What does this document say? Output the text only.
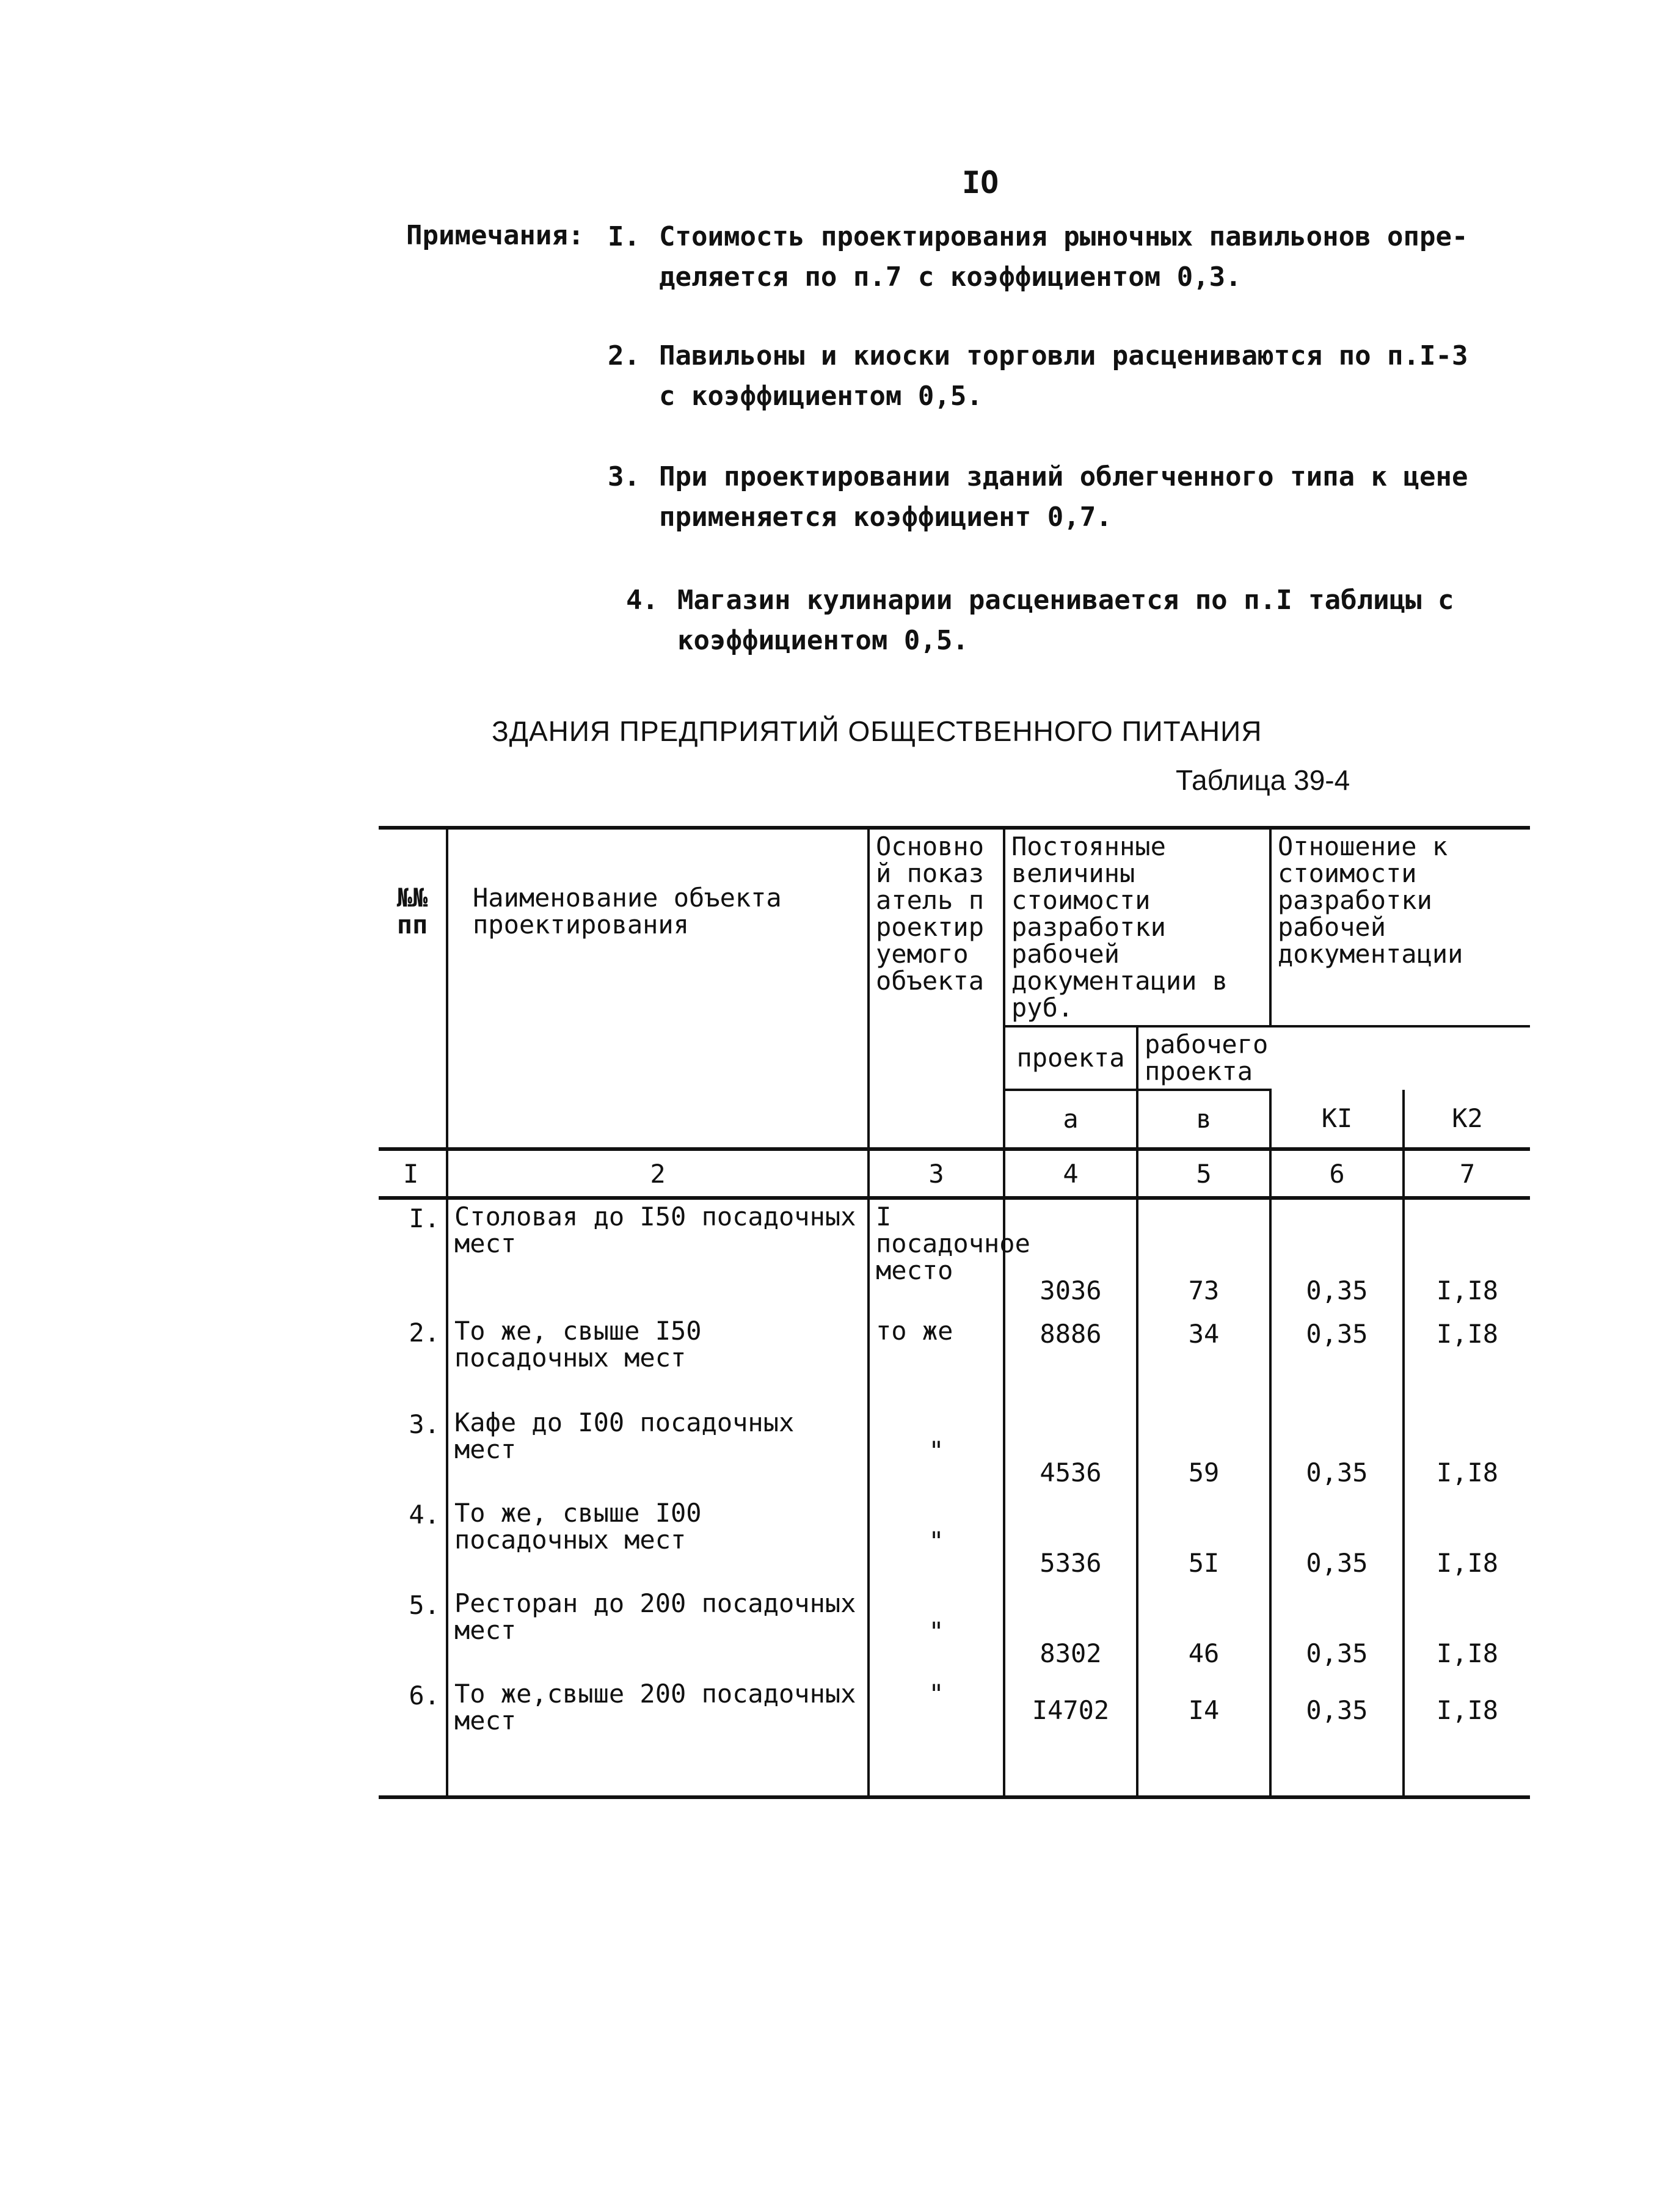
IO
Примечания: I. Стоимость проектирования рыночных павильонов опре-
деляется по п.7 с коэффициентом 0,3.
2. Павильоны и киоски торговли расцениваются по п.I-3
с коэффициентом 0,5.
3. При проектировании зданий облегченного типа к цене
применяется коэффициент 0,7.
4. Магазин кулинарии расценивается по п.I таблицы с
коэффициентом 0,5.
ЗДАНИЯ ПРЕДПРИЯТИЙ ОБЩЕСТВЕННОГО ПИТАНИЯ
Таблица 39-4
№№ пп	Наименование объекта проектирования	Основной показатель проектируемого объекта	Постоянные величины стоимости разработки рабочей документации в руб.		Отношение к стоимости разработки рабочей документации	
			проекта	рабочего проекта		
			а	в	КI	К2
I	2	3	4	5	6	7
I.	Столовая до I50 посадочных мест	I посадочное место	3036	73	0,35	I,I8
2.	То же, свыше I50 посадочных мест	то же	8886	34	0,35	I,I8
3.	Кафе до I00 посадочных мест	"	4536	59	0,35	I,I8
4.	То же, свыше I00 посадочных мест	"	5336	5I	0,35	I,I8
5.	Ресторан до 200 посадочных мест	"	8302	46	0,35	I,I8
6.	То же,свыше 200 посадочных мест	"	I4702	I4	0,35	I,I8
